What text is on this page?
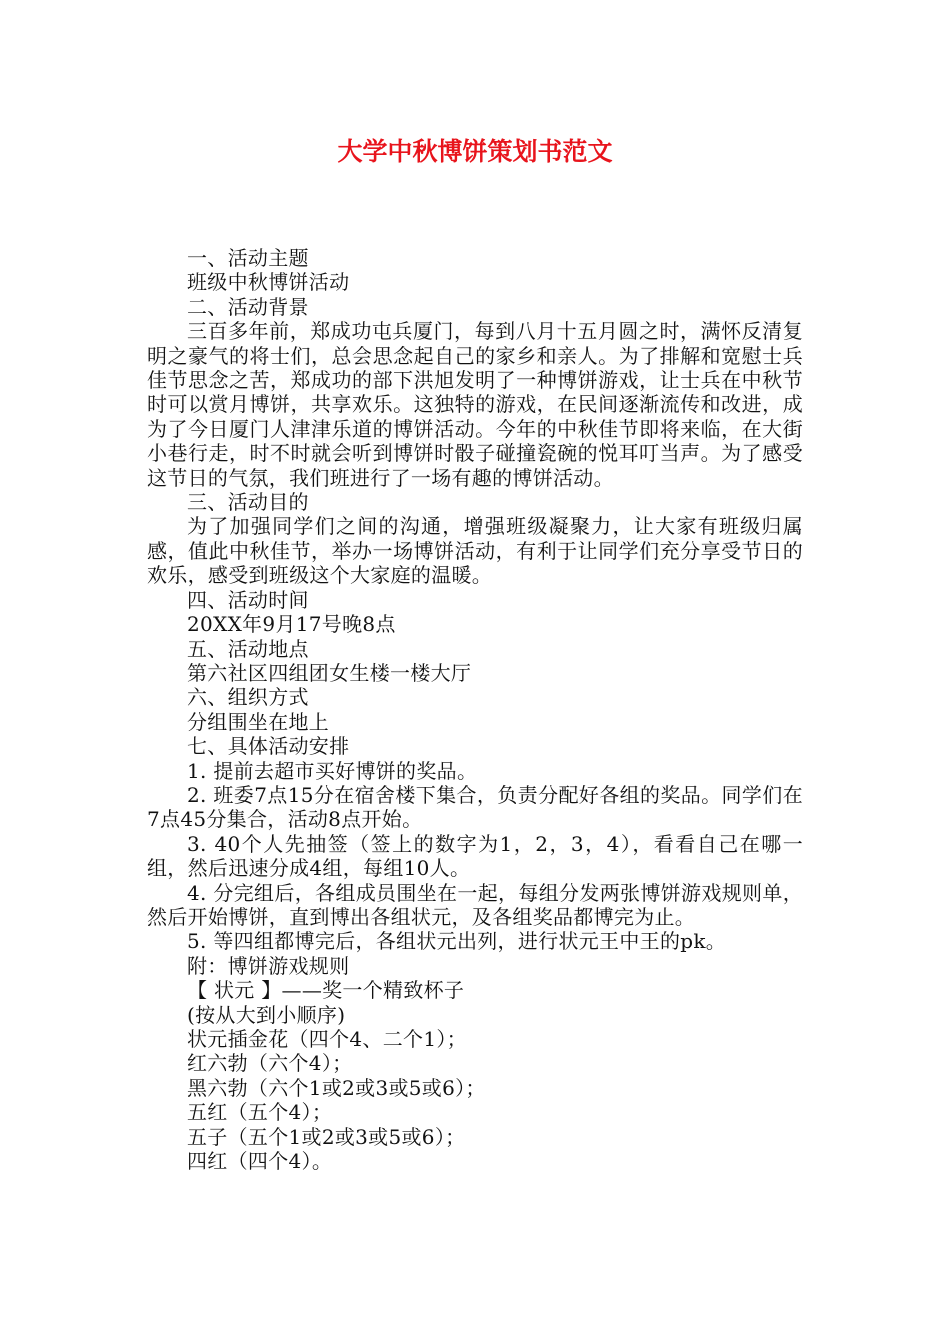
大学中秋博饼策划书范文

一、活动主题

班级中秋博饼活动

二、活动背景

三百多年前，郑成功屯兵厦门，每到八月十五月圆之时，满怀反清复明之豪气的将士们，总会思念起自己的家乡和亲人。为了排解和宽慰士兵佳节思念之苦，郑成功的部下洪旭发明了一种博饼游戏，让士兵在中秋节时可以赏月博饼，共享欢乐。这独特的游戏，在民间逐渐流传和改进，成为了今日厦门人津津乐道的博饼活动。今年的中秋佳节即将来临，在大街小巷行走，时不时就会听到博饼时骰子碰撞瓷碗的悦耳叮当声。为了感受这节日的气氛，我们班进行了一场有趣的博饼活动。

三、活动目的

为了加强同学们之间的沟通，增强班级凝聚力，让大家有班级归属感，值此中秋佳节，举办一场博饼活动，有利于让同学们充分享受节日的欢乐，感受到班级这个大家庭的温暖。

四、活动时间

20XX年9月17号晚8点

五、活动地点

第六社区四组团女生楼一楼大厅

六、组织方式

分组围坐在地上

七、具体活动安排

1. 提前去超市买好博饼的奖品。

2. 班委7点15分在宿舍楼下集合，负责分配好各组的奖品。同学们在7点45分集合，活动8点开始。

3. 40个人先抽签（签上的数字为1，2，3，4），看看自己在哪一组，然后迅速分成4组，每组10人。

4. 分完组后，各组成员围坐在一起，每组分发两张博饼游戏规则单，然后开始博饼，直到博出各组状元，及各组奖品都博完为止。

5. 等四组都博完后，各组状元出列，进行状元王中王的pk。

附：博饼游戏规则

【 状元 】——奖一个精致杯子

(按从大到小顺序)

状元插金花（四个4、二个1）；

红六勃（六个4）；

黑六勃（六个1或2或3或5或6）；

五红（五个4）；

五子（五个1或2或3或5或6）；

四红（四个4）。
